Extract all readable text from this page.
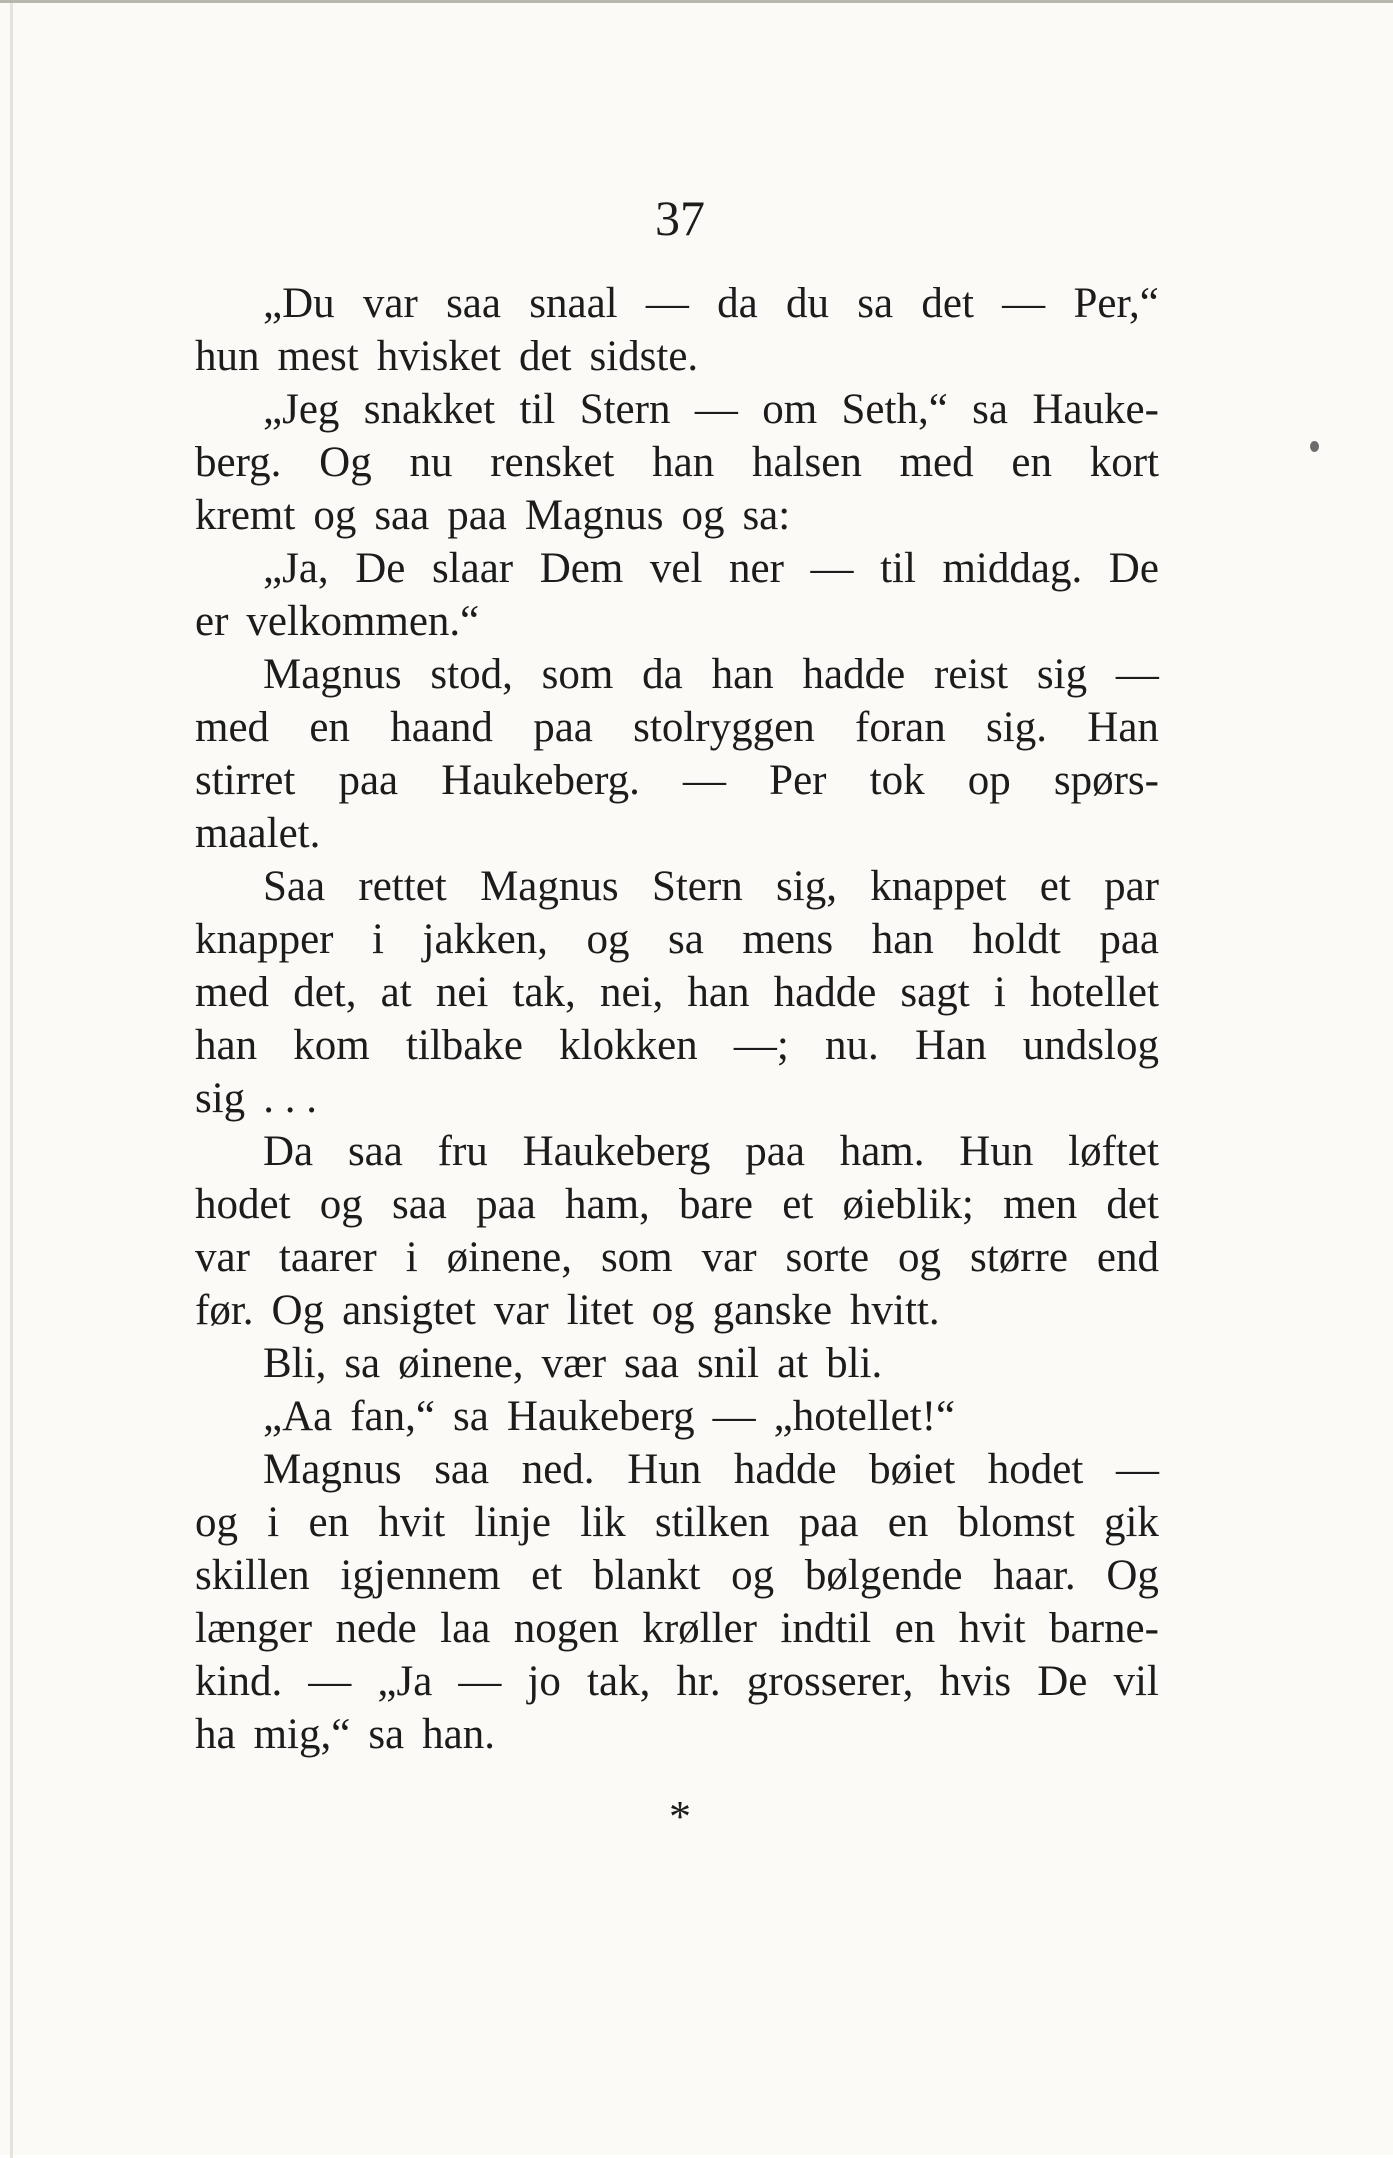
37
„Du var saa snaal — da du sa det — Per,“
hun mest hvisket det sidste.
„Jeg snakket til Stern — om Seth,“ sa Hauke-
berg. Og nu rensket han halsen med en kort
kremt og saa paa Magnus og sa:
„Ja, De slaar Dem vel ner — til middag. De
er velkommen.“
Magnus stod, som da han hadde reist sig —
med en haand paa stolryggen foran sig. Han
stirret paa Haukeberg. — Per tok op spørs-
maalet.
Saa rettet Magnus Stern sig, knappet et par
knapper i jakken, og sa mens han holdt paa
med det, at nei tak, nei, han hadde sagt i hotellet
han kom tilbake klokken —; nu. Han undslog
sig . . .
Da saa fru Haukeberg paa ham. Hun løftet
hodet og saa paa ham, bare et øieblik; men det
var taarer i øinene, som var sorte og større end
før. Og ansigtet var litet og ganske hvitt.
Bli, sa øinene, vær saa snil at bli.
„Aa fan,“ sa Haukeberg — „hotellet!“
Magnus saa ned. Hun hadde bøiet hodet —
og i en hvit linje lik stilken paa en blomst gik
skillen igjennem et blankt og bølgende haar. Og
længer nede laa nogen krøller indtil en hvit barne-
kind. — „Ja — jo tak, hr. grosserer, hvis De vil
ha mig,“ sa han.
*
